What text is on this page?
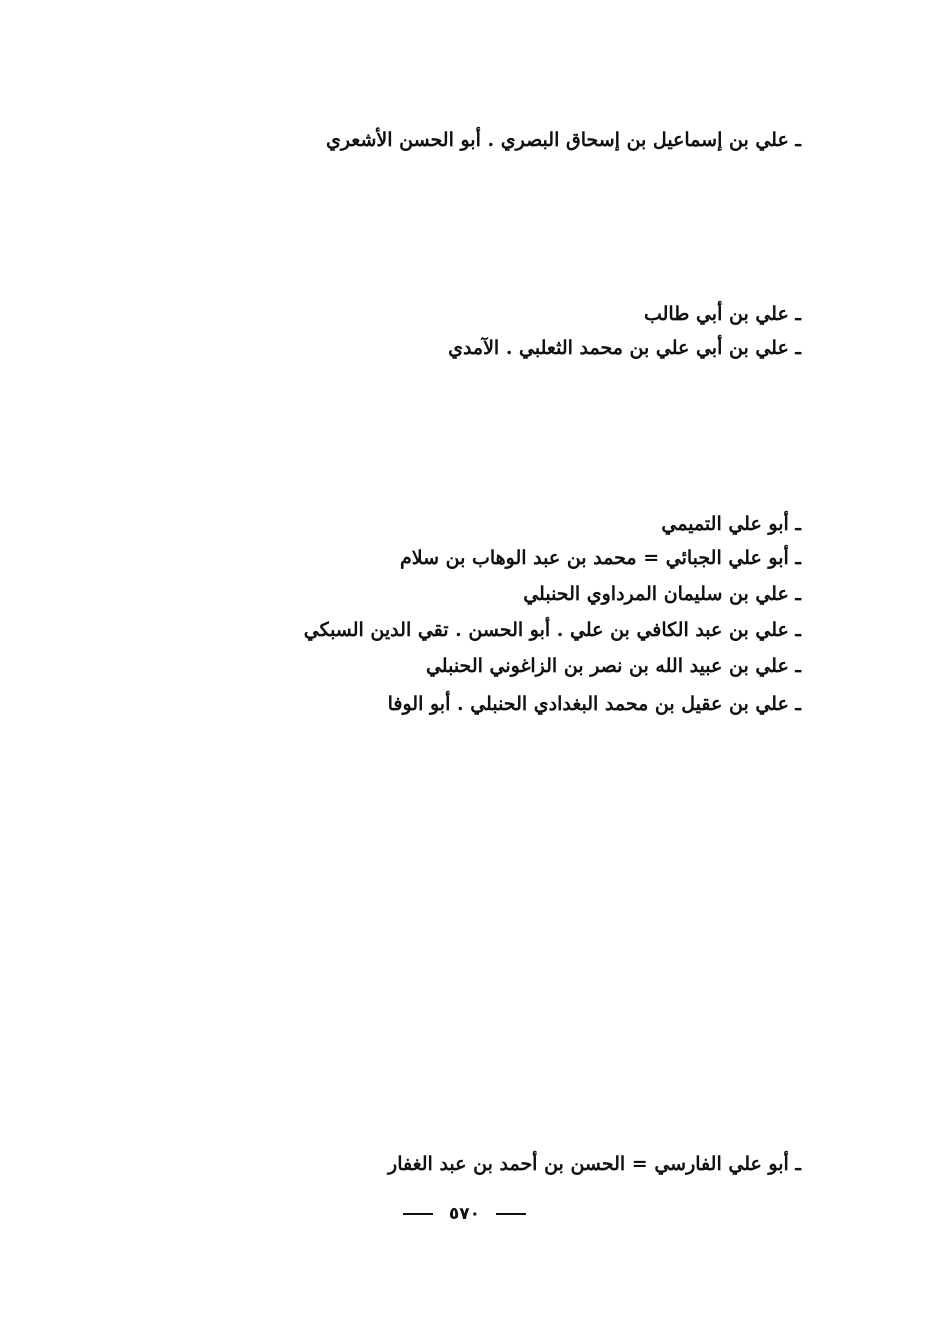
ـ علي بن إسماعيل بن إسحاق البصري . أبو الحسن الأشعري
ـ علي بن أبي طالب
ـ علي بن أبي علي بن محمد الثعلبي . الآمدي
ـ أبو علي التميمي
ـ أبو علي الجبائي = محمد بن عبد الوهاب بن سلام
ـ علي بن سليمان المرداوي الحنبلي
ـ علي بن عبد الكافي بن علي . أبو الحسن . تقي الدين السبكي
ـ علي بن عبيد الله بن نصر بن الزاغوني الحنبلي
ـ علي بن عقيل بن محمد البغدادي الحنبلي . أبو الوفا
ـ أبو علي الفارسي = الحسن بن أحمد بن عبد الغفار
٥٧٠
